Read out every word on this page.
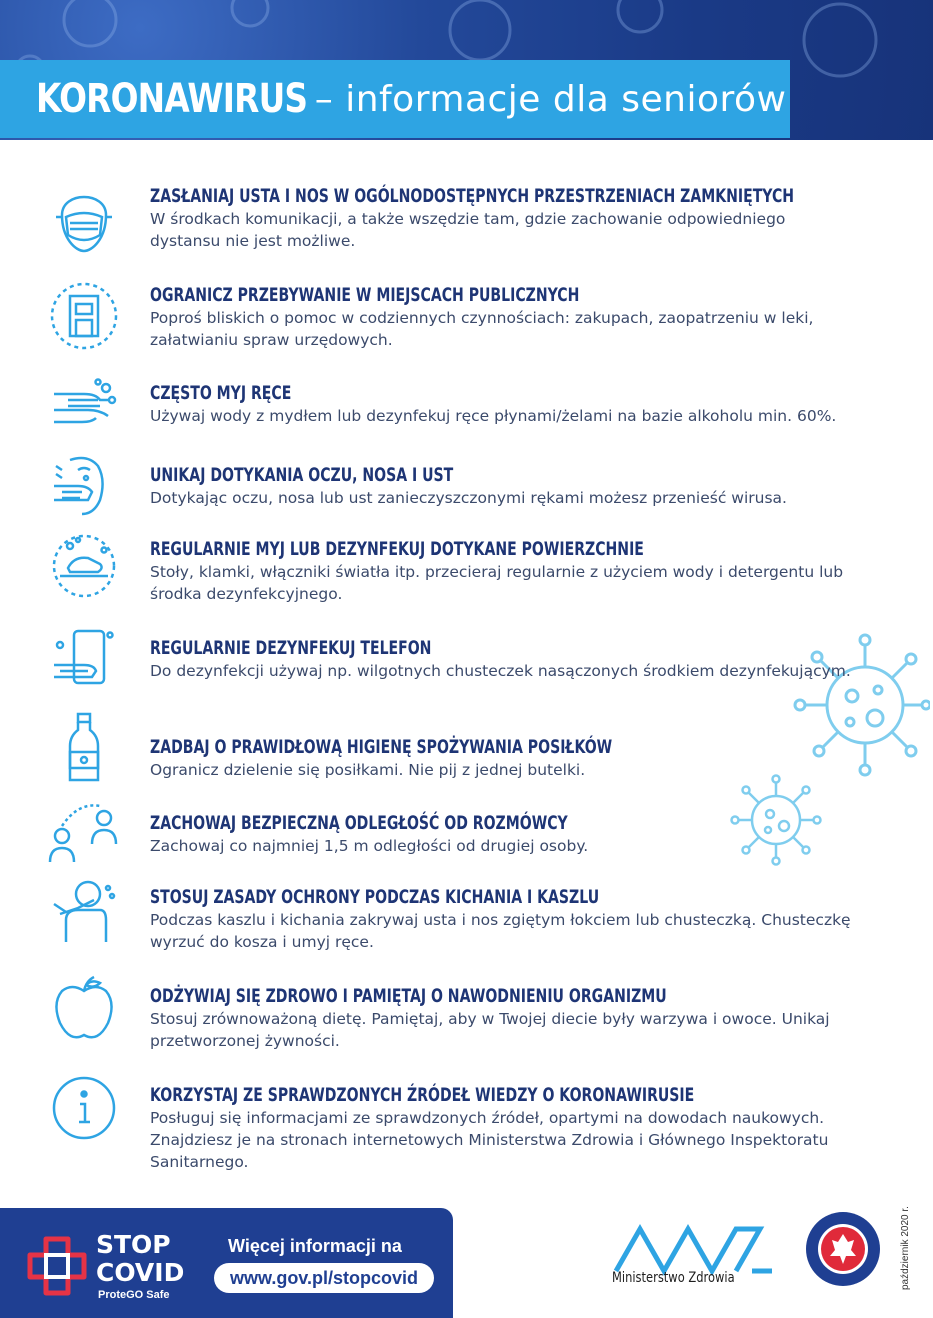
KORONAWIRUS – informacje dla seniorów
ZASŁANIAJ USTA I NOS W OGÓLNODOSTĘPNYCH PRZESTRZENIACH ZAMKNIĘTYCH
W środkach komunikacji, a także wszędzie tam, gdzie zachowanie odpowiedniego dystansu nie jest możliwe.
OGRANICZ PRZEBYWANIE W MIEJSCACH PUBLICZNYCH
Poproś bliskich o pomoc w codziennych czynnościach: zakupach, zaopatrzeniu w leki, załatwianiu spraw urzędowych.
CZĘSTO MYJ RĘCE
Używaj wody z mydłem lub dezynfekuj ręce płynami/żelami na bazie alkoholu min. 60%.
UNIKAJ DOTYKANIA OCZU, NOSA I UST
Dotykając oczu, nosa lub ust zanieczyszczonymi rękami możesz przenieść wirusa.
REGULARNIE MYJ LUB DEZYNFEKUJ DOTYKANE POWIERZCHNIE
Stoły, klamki, włączniki światła itp. przecieraj regularnie z użyciem wody i detergentu lub środka dezynfekcyjnego.
REGULARNIE DEZYNFEKUJ TELEFON
Do dezynfekcji używaj np. wilgotnych chusteczek nasączonych środkiem dezynfekującym.
ZADBAJ O PRAWIDŁOWĄ HIGIENĘ SPOŻYWANIA POSIŁKÓW
Ogranicz dzielenie się posiłkami. Nie pij z jednej butelki.
ZACHOWAJ BEZPIECZNĄ ODLEGŁOŚĆ OD ROZMÓWCY
Zachowaj co najmniej 1,5 m odległości od drugiej osoby.
STOSUJ ZASADY OCHRONY PODCZAS KICHANIA I KASZLU
Podczas kaszlu i kichania zakrywaj usta i nos zgiętym łokciem lub chusteczką. Chusteczkę wyrzuć do kosza i umyj ręce.
ODŻYWIAJ SIĘ ZDROWO I PAMIĘTAJ O NAWODNIENIU ORGANIZMU
Stosuj zrównoważoną dietę. Pamiętaj, aby w Twojej diecie były warzywa i owoce. Unikaj przetworzonej żywności.
KORZYSTAJ ZE SPRAWDZONYCH ŹRÓDEŁ WIEDZY O KORONAWIRUSIE
Posługuj się informacjami ze sprawdzonych źródeł, opartymi na dowodach naukowych. Znajdziesz je na stronach internetowych Ministerstwa Zdrowia i Głównego Inspektoratu Sanitarnego.
STOP
COVID
ProteGO Safe
Więcej informacji na
www.gov.pl/stopcovid	Ministerstwo Zdrowia	październik 2020 r.
